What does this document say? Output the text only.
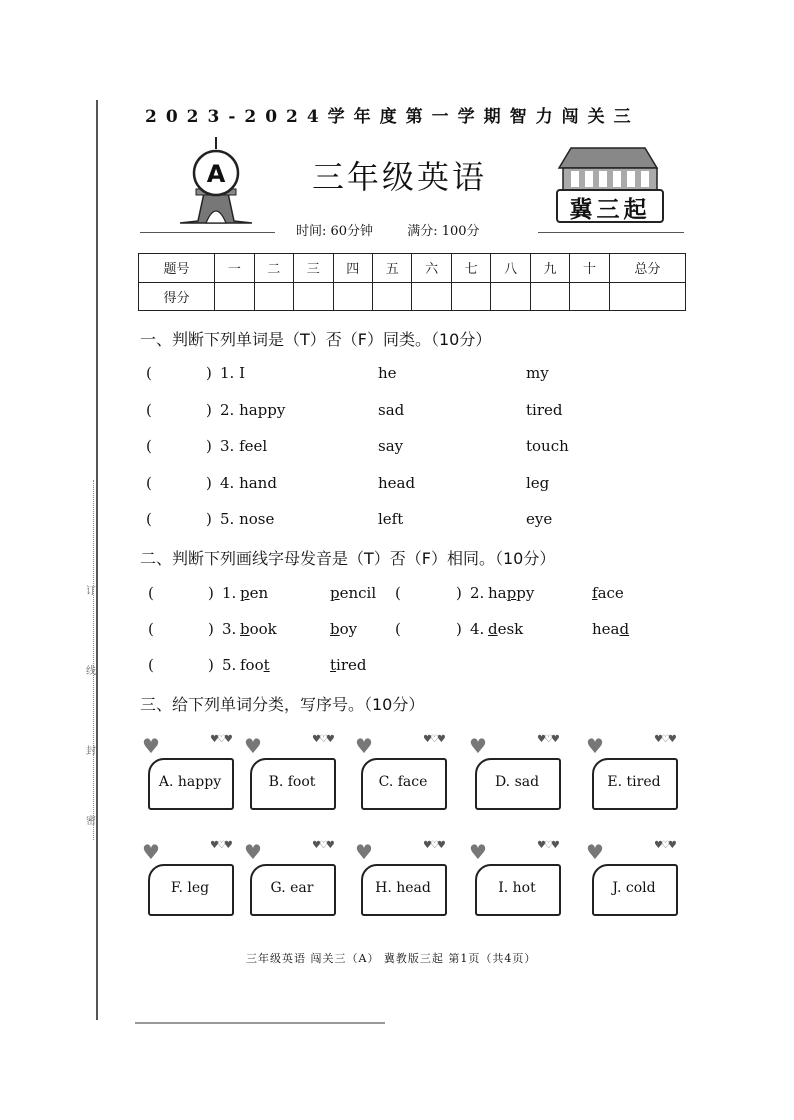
订
线
封
密
2023-2024学年度第一学期智力闯关三
A	三年级英语
冀三起
时间: 60分钟	满分: 100分
题号	一	二	三	四	五	六	七	八	九	十	总分
得分											
一、判断下列单词是（T）否（F）同类。（10分）
(	) 1. I	he	my
(	) 2. happy	sad	tired
(	) 3. feel	say	touch
(	) 4. hand	head	leg
(	) 5. nose	left	eye
二、判断下列画线字母发音是（T）否（F）相同。（10分）
(	) 1. pen	pencil (	) 2. happy	face
(	) 3. book	boy	(	) 4. desk	head
(	) 5. foot	tired
三、给下列单词分类，写序号。（10分）
♥	♥♡♥
A. happy
♥	♥♡♥
B. foot
♥	♥♡♥
C. face
♥	♥♡♥
D. sad
♥	♥♡♥
E. tired
♥	♥♡♥
F. leg
♥	♥♡♥
G. ear
♥	♥♡♥
H. head
♥	♥♡♥
I. hot
♥	♥♡♥
J. cold
三年级英语 闯关三（A） 冀教版三起 第1页（共4页）
